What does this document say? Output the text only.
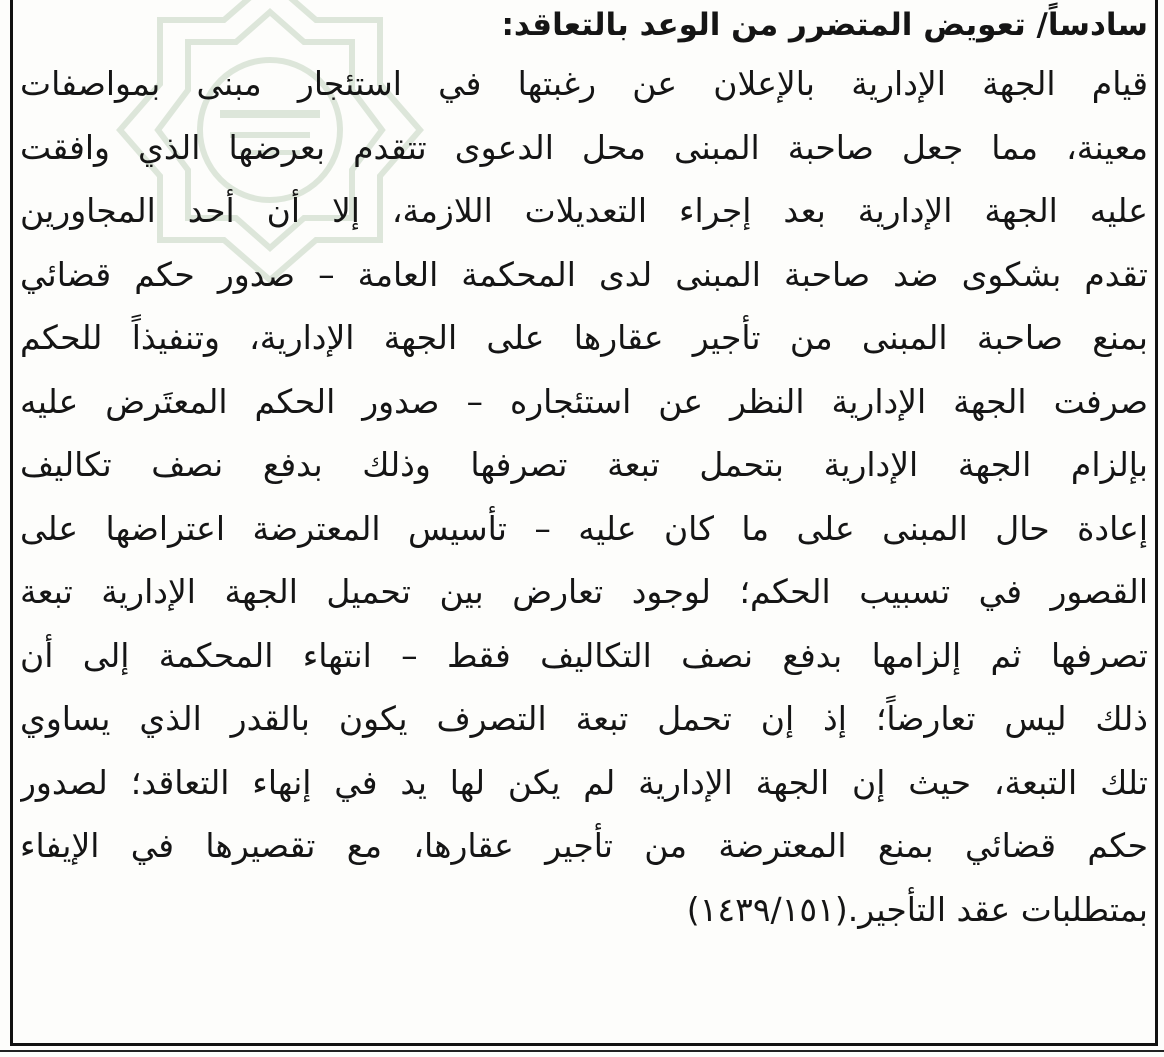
سادساً/ تعويض المتضرر من الوعد بالتعاقد:
قيام الجهة الإدارية بالإعلان عن رغبتها في استئجار مبنى بمواصفات
معينة، مما جعل صاحبة المبنى محل الدعوى تتقدم بعرضها الذي وافقت
عليه الجهة الإدارية بعد إجراء التعديلات اللازمة، إلا أن أحد المجاورين
تقدم بشكوى ضد صاحبة المبنى لدى المحكمة العامة – صدور حكم قضائي
بمنع صاحبة المبنى من تأجير عقارها على الجهة الإدارية، وتنفيذاً للحكم
صرفت الجهة الإدارية النظر عن استئجاره – صدور الحكم المعتَرض عليه
بإلزام الجهة الإدارية بتحمل تبعة تصرفها وذلك بدفع نصف تكاليف
إعادة حال المبنى على ما كان عليه – تأسيس المعترضة اعتراضها على
القصور في تسبيب الحكم؛ لوجود تعارض بين تحميل الجهة الإدارية تبعة
تصرفها ثم إلزامها بدفع نصف التكاليف فقط – انتهاء المحكمة إلى أن
ذلك ليس تعارضاً؛ إذ إن تحمل تبعة التصرف يكون بالقدر الذي يساوي
تلك التبعة، حيث إن الجهة الإدارية لم يكن لها يد في إنهاء التعاقد؛ لصدور
حكم قضائي بمنع المعترضة من تأجير عقارها، مع تقصيرها في الإيفاء
بمتطلبات عقد التأجير.(١٤٣٩/١٥١)
